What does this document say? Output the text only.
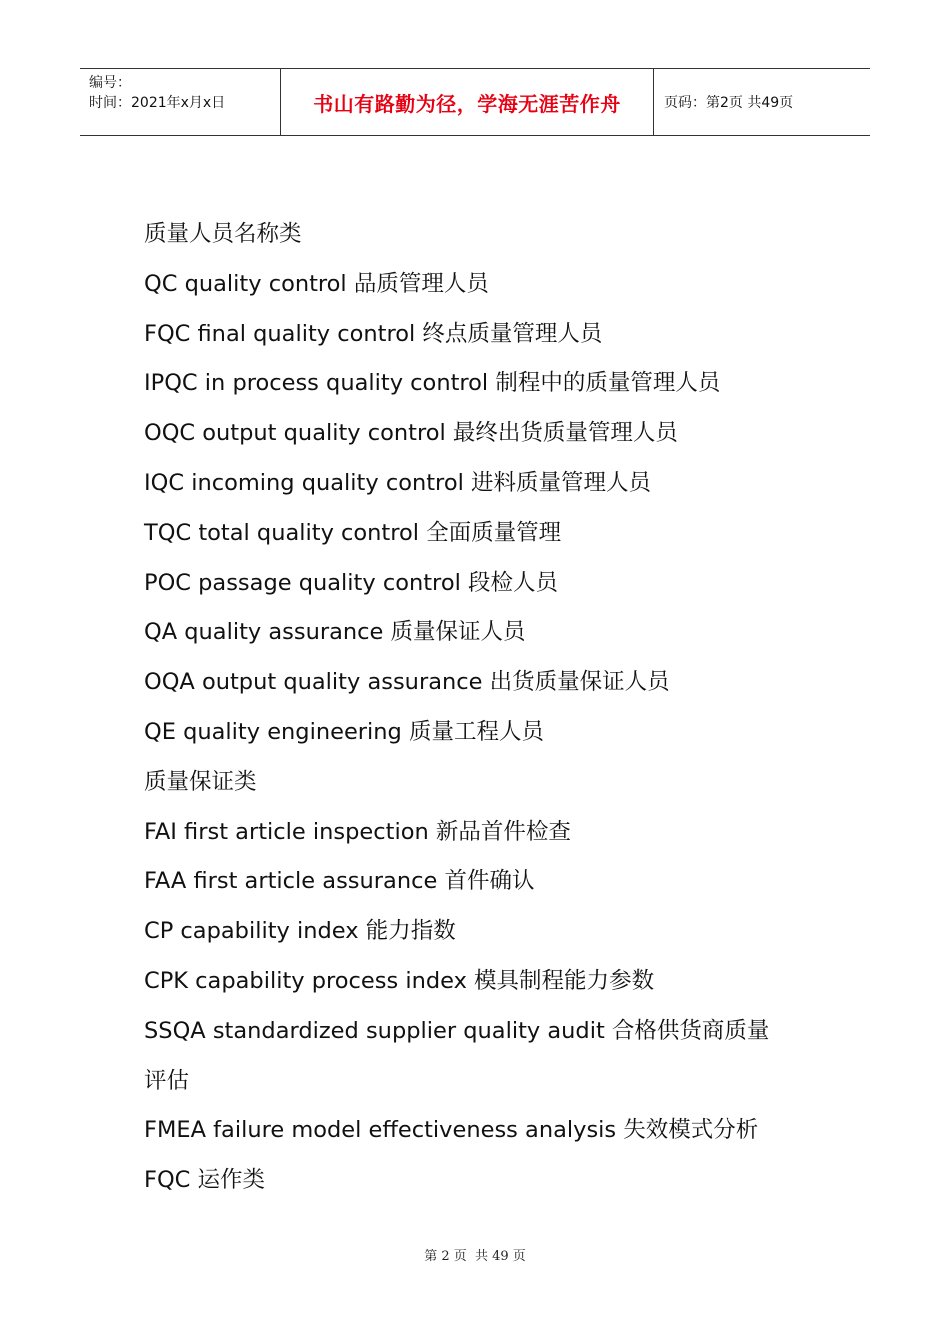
编号：
时间：2021年x月x日	书山有路勤为径，学海无涯苦作舟	页码：第2页 共49页
质量人员名称类
QC quality control 品质管理人员
FQC final quality control 终点质量管理人员
IPQC in process quality control 制程中的质量管理人员
OQC output quality control 最终出货质量管理人员
IQC incoming quality control 进料质量管理人员
TQC total quality control 全面质量管理
POC passage quality control 段检人员
QA quality assurance 质量保证人员
OQA output quality assurance 出货质量保证人员
QE quality engineering 质量工程人员
质量保证类
FAI first article inspection 新品首件检查
FAA first article assurance 首件确认
CP capability index 能力指数
CPK capability process index 模具制程能力参数
SSQA standardized supplier quality audit 合格供货商质量
评估
FMEA failure model effectiveness analysis 失效模式分析
FQC 运作类
第 2 页  共 49 页
